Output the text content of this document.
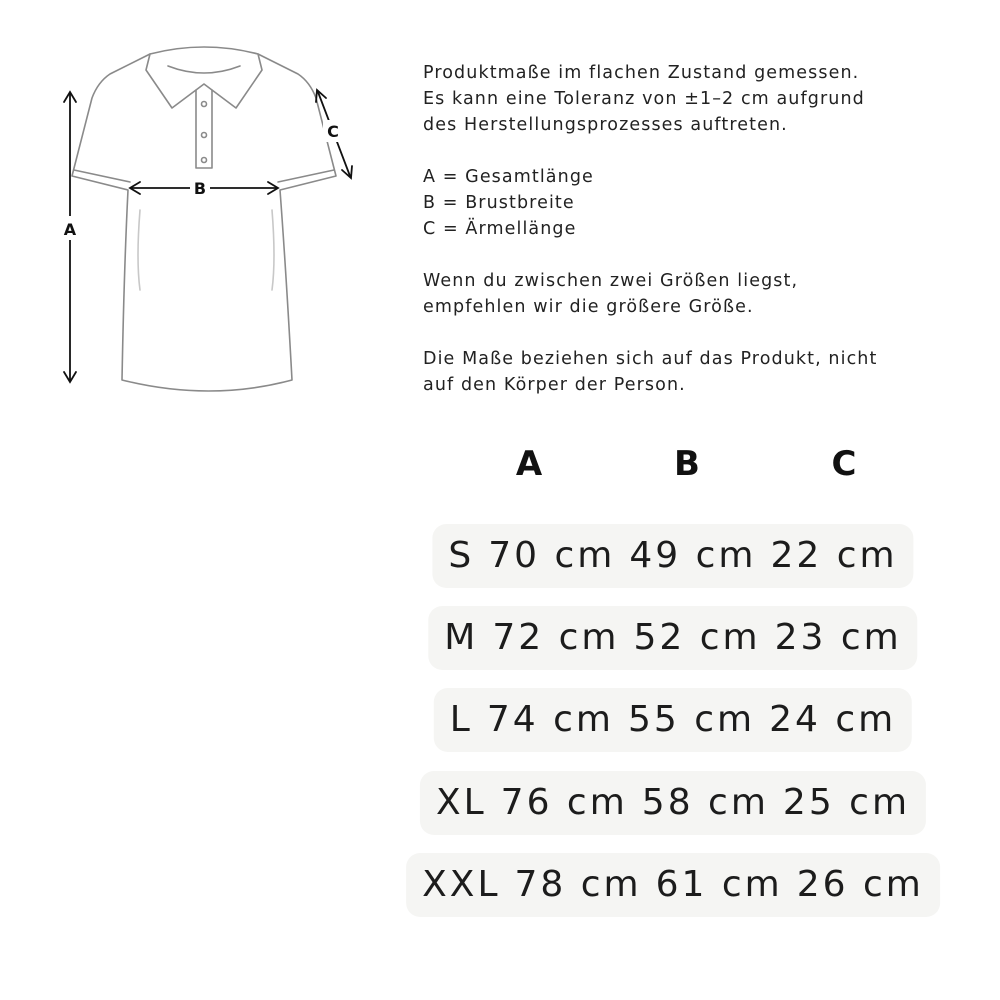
A
B
C

Produktmaße im flachen Zustand gemessen.
Es kann eine Toleranz von ±1–2 cm aufgrund
des Herstellungsprozesses auftreten.

A = Gesamtlänge
B = Brustbreite
C = Ärmellänge

Wenn du zwischen zwei Größen liegst,
empfehlen wir die größere Größe.

Die Maße beziehen sich auf das Produkt, nicht
auf den Körper der Person.

A	B	C
S 70 cm 49 cm 22 cm
M 72 cm 52 cm 23 cm
L 74 cm 55 cm 24 cm
XL 76 cm 58 cm 25 cm
XXL 78 cm 61 cm 26 cm
